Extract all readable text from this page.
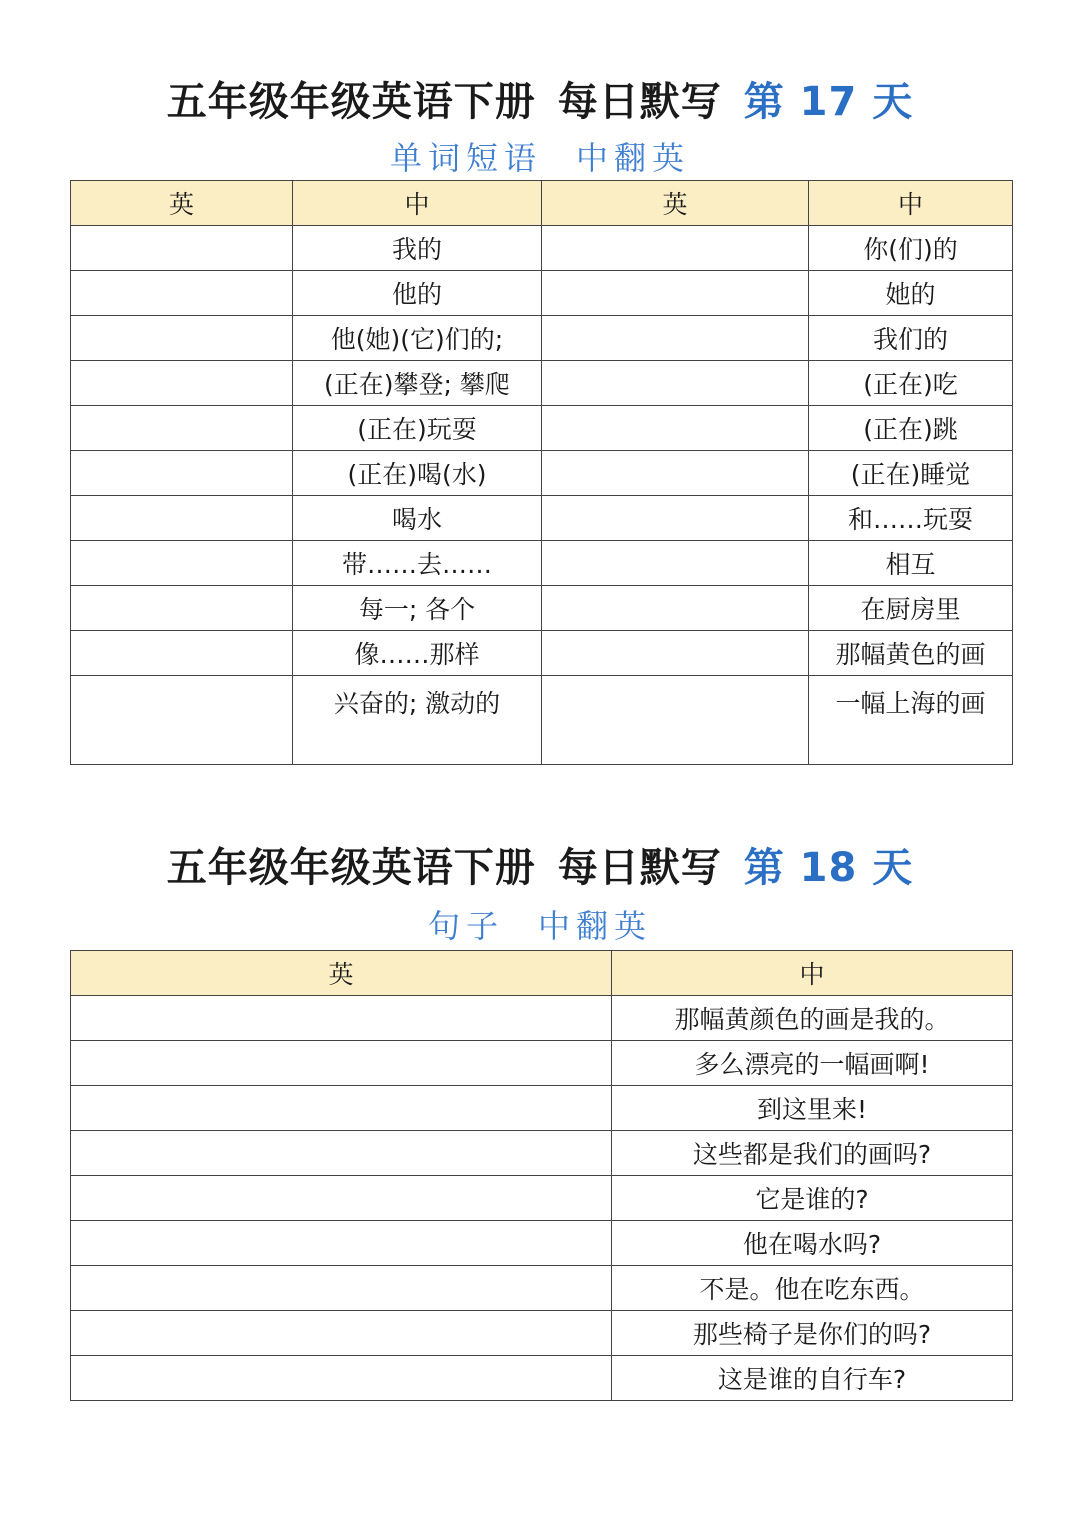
五年级年级英语下册 每日默写 第 17 天
单词短语 中翻英
英	中	英	中
	我的		你(们)的
	他的		她的
	他(她)(它)们的;		我们的
	(正在)攀登; 攀爬		(正在)吃
	(正在)玩耍		(正在)跳
	(正在)喝(水)		(正在)睡觉
	喝水		和……玩耍
	带……去……		相互
	每一; 各个		在厨房里
	像……那样		那幅黄色的画

	兴奋的; 激动的		一幅上海的画
五年级年级英语下册 每日默写 第 18 天
句子 中翻英
英	中
	那幅黄颜色的画是我的。
	多么漂亮的一幅画啊!
	到这里来!
	这些都是我们的画吗?
	它是谁的?
	他在喝水吗?
	不是。他在吃东西。
	那些椅子是你们的吗?
	这是谁的自行车?
